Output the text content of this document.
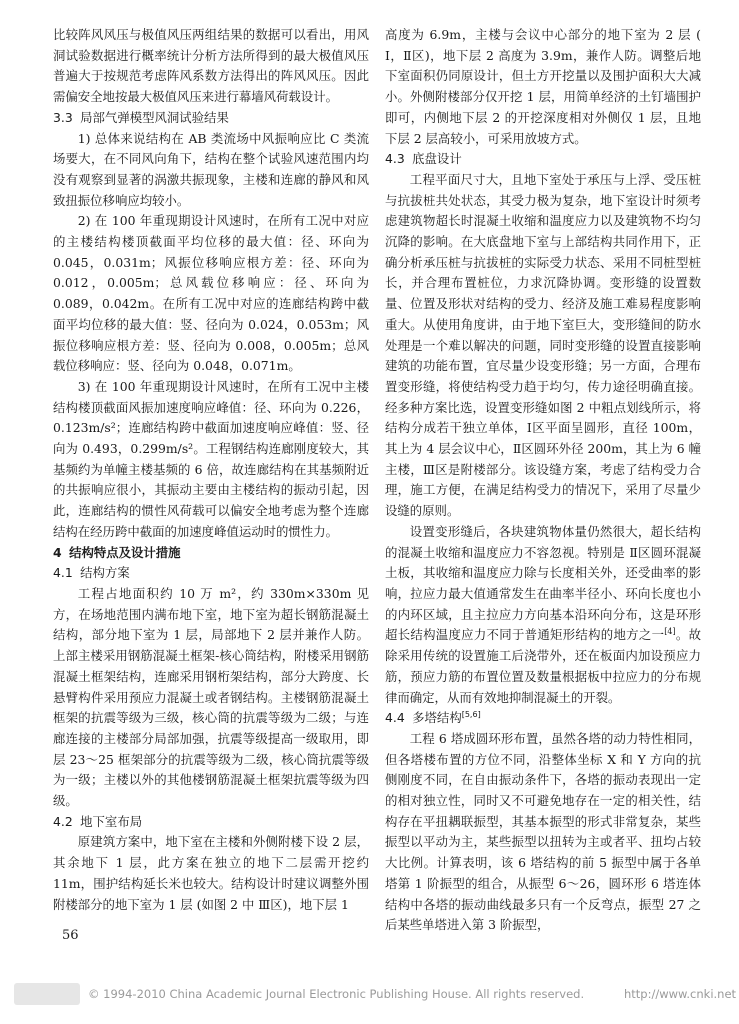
比较阵风风压与极值风压两组结果的数据可以看出，用风洞试验数据进行概率统计分析方法所得到的最大极值风压普遍大于按规范考虑阵风系数方法得出的阵风风压。因此需偏安全地按最大极值风压来进行幕墙风荷载设计。

3.3 局部气弹模型风洞试验结果

1) 总体来说结构在 AB 类流场中风振响应比 C 类流场要大，在不同风向角下，结构在整个试验风速范围内均没有观察到显著的涡激共振现象，主楼和连廊的静风和风致扭振位移响应均较小。

2) 在 100 年重现期设计风速时，在所有工况中对应的主楼结构楼顶截面平均位移的最大值：径、环向为 0.045，0.031m；风振位移响应根方差：径、环向为 0.012，0.005m；总风载位移响应：径、环向为 0.089，0.042m。在所有工况中对应的连廊结构跨中截面平均位移的最大值：竖、径向为 0.024，0.053m；风振位移响应根方差：竖、径向为 0.008，0.005m；总风载位移响应：竖、径向为 0.048，0.071m。

3) 在 100 年重现期设计风速时，在所有工况中主楼结构楼顶截面风振加速度响应峰值：径、环向为 0.226，0.123m/s²；连廊结构跨中截面加速度响应峰值：竖、径向为 0.493，0.299m/s²。工程钢结构连廊刚度较大，其基频约为单幢主楼基频的 6 倍，故连廊结构在其基频附近的共振响应很小，其振动主要由主楼结构的振动引起，因此，连廊结构的惯性风荷载可以偏安全地考虑为整个连廊结构在经历跨中截面的加速度峰值运动时的惯性力。

4 结构特点及设计措施
4.1 结构方案

工程占地面积约 10 万 m²，约 330m×330m 见方，在场地范围内满布地下室，地下室为超长钢筋混凝土结构，部分地下室为 1 层，局部地下 2 层并兼作人防。上部主楼采用钢筋混凝土框架-核心筒结构，附楼采用钢筋混凝土框架结构，连廊采用钢桁架结构，部分大跨度、长悬臂构件采用预应力混凝土或者钢结构。主楼钢筋混凝土框架的抗震等级为三级，核心筒的抗震等级为二级；与连廊连接的主楼部分局部加强，抗震等级提高一级取用，即层 23～25 框架部分的抗震等级为二级，核心筒抗震等级为一级；主楼以外的其他楼钢筋混凝土框架抗震等级为四级。

4.2 地下室布局

原建筑方案中，地下室在主楼和外侧附楼下设 2 层，其余地下 1 层，此方案在独立的地下二层需开挖约 11m，围护结构延长米也较大。结构设计时建议调整外围附楼部分的地下室为 1 层 (如图 2 中 Ⅲ区)，地下层 1

高度为 6.9m，主楼与会议中心部分的地下室为 2 层 ( Ⅰ，Ⅱ区)，地下层 2 高度为 3.9m，兼作人防。调整后地下室面积仍同原设计，但土方开挖量以及围护面积大大减小。外侧附楼部分仅开挖 1 层，用简单经济的土钉墙围护即可，内侧地下层 2 的开挖深度相对外侧仅 1 层，且地下层 2 层高较小，可采用放坡方式。

4.3 底盘设计

工程平面尺寸大，且地下室处于承压与上浮、受压桩与抗拔桩共处状态，其受力极为复杂，地下室设计时须考虑建筑物超长时混凝土收缩和温度应力以及建筑物不均匀沉降的影响。在大底盘地下室与上部结构共同作用下，正确分析承压桩与抗拔桩的实际受力状态、采用不同桩型桩长，并合理布置桩位，力求沉降协调。变形缝的设置数量、位置及形状对结构的受力、经济及施工难易程度影响重大。从使用角度讲，由于地下室巨大，变形缝间的防水处理是一个难以解决的问题，同时变形缝的设置直接影响建筑的功能布置，宜尽量少设变形缝；另一方面，合理布置变形缝，将使结构受力趋于均匀，传力途径明确直接。经多种方案比选，设置变形缝如图 2 中粗点划线所示，将结构分成若干独立单体，Ⅰ区平面呈圆形，直径 100m，其上为 4 层会议中心，Ⅱ区圆环外径 200m，其上为 6 幢主楼，Ⅲ区是附楼部分。该设缝方案，考虑了结构受力合理，施工方便，在满足结构受力的情况下，采用了尽量少设缝的原则。

设置变形缝后，各块建筑物体量仍然很大，超长结构的混凝土收缩和温度应力不容忽视。特别是 Ⅱ区圆环混凝土板，其收缩和温度应力除与长度相关外，还受曲率的影响，拉应力最大值通常发生在曲率半径小、环向长度也小的内环区域，且主拉应力方向基本沿环向分布，这是环形超长结构温度应力不同于普通矩形结构的地方之一[4]。故除采用传统的设置施工后浇带外，还在板面内加设预应力筋，预应力筋的布置位置及数量根据板中拉应力的分布规律而确定，从而有效地抑制混凝土的开裂。

4.4 多塔结构[5,6]

工程 6 塔成圆环形布置，虽然各塔的动力特性相同，但各塔楼布置的方位不同，沿整体坐标 X 和 Y 方向的抗侧刚度不同，在自由振动条件下，各塔的振动表现出一定的相对独立性，同时又不可避免地存在一定的相关性，结构存在平扭耦联振型，其基本振型的形式非常复杂，某些振型以平动为主，某些振型以扭转为主或者平、扭均占较大比例。计算表明，该 6 塔结构的前 5 振型中属于各单塔第 1 阶振型的组合，从振型 6～26，圆环形 6 塔连体结构中各塔的振动曲线最多只有一个反弯点，振型 27 之后某些单塔进入第 3 阶振型，

56
© 1994-2010 China Academic Journal Electronic Publishing House. All rights reserved.	http://www.cnki.net
